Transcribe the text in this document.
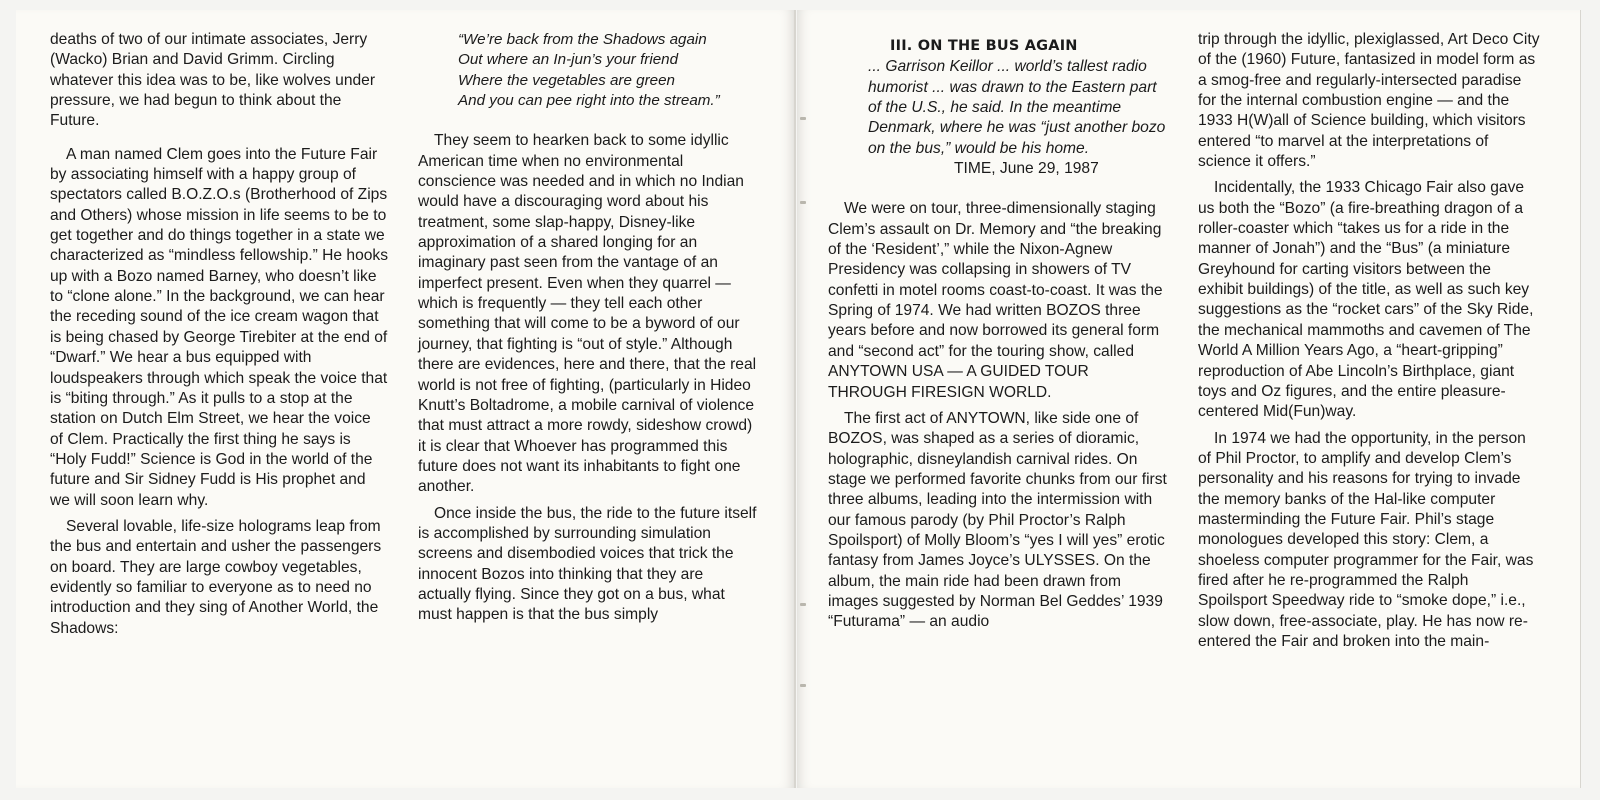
deaths of two of our intimate associates, Jerry (Wacko) Brian and David Grimm. Circling whatever this idea was to be, like wolves under pressure, we had begun to think about the Future.

A man named Clem goes into the Future Fair by associating himself with a happy group of spectators called B.O.Z.O.s (Brotherhood of Zips and Others) whose mission in life seems to be to get together and do things together in a state we characterized as “mindless fellowship.” He hooks up with a Bozo named Barney, who doesn’t like to “clone alone.” In the background, we can hear the receding sound of the ice cream wagon that is being chased by George Tirebiter at the end of “Dwarf.” We hear a bus equipped with loudspeakers through which speak the voice that is “biting through.” As it pulls to a stop at the station on Dutch Elm Street, we hear the voice of Clem. Practically the first thing he says is “Holy Fudd!” Science is God in the world of the future and Sir Sidney Fudd is His prophet and we will soon learn why.

Several lovable, life-size holograms leap from the bus and entertain and usher the passengers on board. They are large cowboy vegetables, evidently so familiar to everyone as to need no introduction and they sing of Another World, the Shadows:

“We’re back from the Shadows again
Out where an In-jun’s your friend
Where the vegetables are green
And you can pee right into the stream.”

They seem to hearken back to some idyllic American time when no environmental conscience was needed and in which no Indian would have a discouraging word about his treatment, some slap-happy, Disney-like approximation of a shared longing for an imaginary past seen from the vantage of an imperfect present. Even when they quarrel — which is frequently — they tell each other something that will come to be a byword of our journey, that fighting is “out of style.” Although there are evidences, here and there, that the real world is not free of fighting, (particularly in Hideo Knutt’s Boltadrome, a mobile carnival of violence that must attract a more rowdy, sideshow crowd) it is clear that Whoever has programmed this future does not want its inhabitants to fight one another.

Once inside the bus, the ride to the future itself is accomplished by surrounding simulation screens and disembodied voices that trick the innocent Bozos into thinking that they are actually flying. Since they got on a bus, what must happen is that the bus simply

III. ON THE BUS AGAIN

... Garrison Keillor ... world’s tallest radio humorist ... was drawn to the Eastern part of the U.S., he said. In the meantime Denmark, where he was “just another bozo on the bus,” would be his home.

TIME, June 29, 1987

We were on tour, three-dimensionally staging Clem’s assault on Dr. Memory and “the breaking of the ‘Resident’,” while the Nixon-Agnew Presidency was collapsing in showers of TV confetti in motel rooms coast-to-coast. It was the Spring of 1974. We had written BOZOS three years before and now borrowed its general form and “second act” for the touring show, called ANYTOWN USA — A GUIDED TOUR THROUGH FIRESIGN WORLD.

The first act of ANYTOWN, like side one of BOZOS, was shaped as a series of dioramic, holographic, disneylandish carnival rides. On stage we performed favorite chunks from our first three albums, leading into the intermission with our famous parody (by Phil Proctor’s Ralph Spoilsport) of Molly Bloom’s “yes I will yes” erotic fantasy from James Joyce’s ULYSSES. On the album, the main ride had been drawn from images suggested by Norman Bel Geddes’ 1939 “Futurama” — an audio

trip through the idyllic, plexiglassed, Art Deco City of the (1960) Future, fantasized in model form as a smog-free and regularly-intersected paradise for the internal combustion engine — and the 1933 H(W)all of Science building, which visitors entered “to marvel at the interpretations of science it offers.”

Incidentally, the 1933 Chicago Fair also gave us both the “Bozo” (a fire-breathing dragon of a roller-coaster which “takes us for a ride in the manner of Jonah”) and the “Bus” (a miniature Greyhound for carting visitors between the exhibit buildings) of the title, as well as such key suggestions as the “rocket cars” of the Sky Ride, the mechanical mammoths and cavemen of The World A Million Years Ago, a “heart-gripping” reproduction of Abe Lincoln’s Birthplace, giant toys and Oz figures, and the entire pleasure-centered Mid(Fun)way.

In 1974 we had the opportunity, in the person of Phil Proctor, to amplify and develop Clem’s personality and his reasons for trying to invade the memory banks of the Hal-like computer masterminding the Future Fair. Phil’s stage monologues developed this story: Clem, a shoeless computer programmer for the Fair, was fired after he re-programmed the Ralph Spoilsport Speedway ride to “smoke dope,” i.e., slow down, free-associate, play. He has now re-entered the Fair and broken into the main-
